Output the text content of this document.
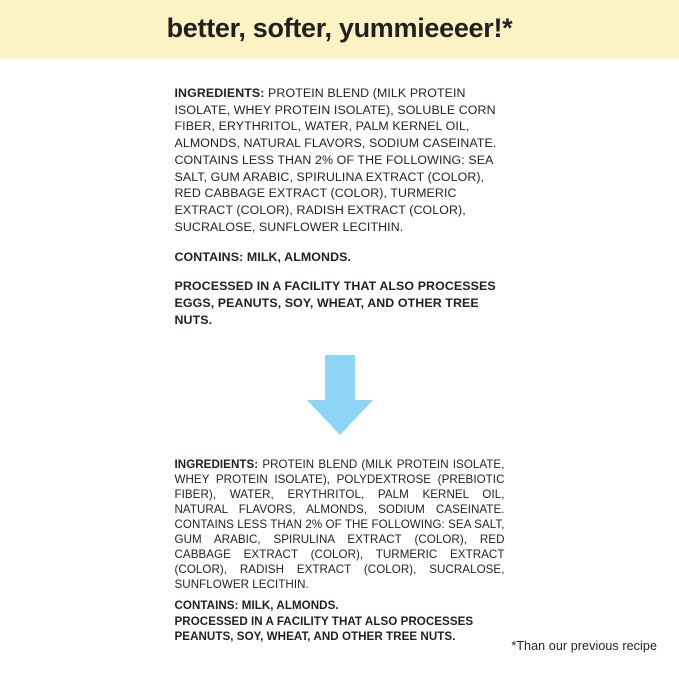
better, softer, yummieeeer!*

INGREDIENTS: PROTEIN BLEND (MILK PROTEIN ISOLATE, WHEY PROTEIN ISOLATE), SOLUBLE CORN FIBER, ERYTHRITOL, WATER, PALM KERNEL OIL, ALMONDS, NATURAL FLAVORS, SODIUM CASEINATE. CONTAINS LESS THAN 2% OF THE FOLLOWING: SEA SALT, GUM ARABIC, SPIRULINA EXTRACT (COLOR), RED CABBAGE EXTRACT (COLOR), TURMERIC EXTRACT (COLOR), RADISH EXTRACT (COLOR), SUCRALOSE, SUNFLOWER LECITHIN.

CONTAINS: MILK, ALMONDS.

PROCESSED IN A FACILITY THAT ALSO PROCESSES EGGS, PEANUTS, SOY, WHEAT, AND OTHER TREE NUTS.

INGREDIENTS: PROTEIN BLEND (MILK PROTEIN ISOLATE, WHEY PROTEIN ISOLATE), POLYDEXTROSE (PREBIOTIC FIBER), WATER, ERYTHRITOL, PALM KERNEL OIL, NATURAL FLAVORS, ALMONDS, SODIUM CASEINATE. CONTAINS LESS THAN 2% OF THE FOLLOWING: SEA SALT, GUM ARABIC, SPIRULINA EXTRACT (COLOR), RED CABBAGE EXTRACT (COLOR), TURMERIC EXTRACT (COLOR), RADISH EXTRACT (COLOR), SUCRALOSE, SUNFLOWER LECITHIN.

CONTAINS: MILK, ALMONDS.

PROCESSED IN A FACILITY THAT ALSO PROCESSES PEANUTS, SOY, WHEAT, AND OTHER TREE NUTS.

*Than our previous recipe
